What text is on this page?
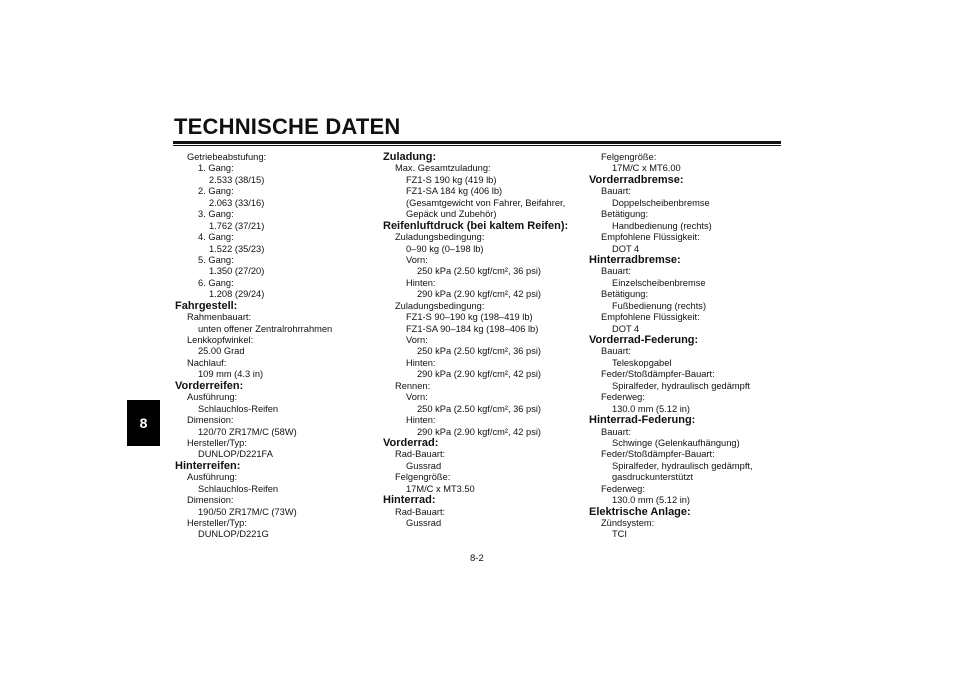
TECHNISCHE DATEN
8
Getriebeabstufung:
1. Gang:
2.533 (38/15)
2. Gang:
2.063 (33/16)
3. Gang:
1.762 (37/21)
4. Gang:
1.522 (35/23)
5. Gang:
1.350 (27/20)
6. Gang:
1.208 (29/24)
Fahrgestell:
Rahmenbauart:
unten offener Zentralrohrrahmen
Lenkkopfwinkel:
25.00 Grad
Nachlauf:
109 mm (4.3 in)
Vorderreifen:
Ausführung:
Schlauchlos-Reifen
Dimension:
120/70 ZR17M/C (58W)
Hersteller/Typ:
DUNLOP/D221FA
Hinterreifen:
Ausführung:
Schlauchlos-Reifen
Dimension:
190/50 ZR17M/C (73W)
Hersteller/Typ:
DUNLOP/D221G
Zuladung:
Max. Gesamtzuladung:
FZ1-S 190 kg (419 lb)
FZ1-SA 184 kg (406 lb)
(Gesamtgewicht von Fahrer, Beifahrer,
Gepäck und Zubehör)
Reifenluftdruck (bei kaltem Reifen):
Zuladungsbedingung:
0–90 kg (0–198 lb)
Vorn:
250 kPa (2.50 kgf/cm², 36 psi)
Hinten:
290 kPa (2.90 kgf/cm², 42 psi)
Zuladungsbedingung:
FZ1-S 90–190 kg (198–419 lb)
FZ1-SA 90–184 kg (198–406 lb)
Vorn:
250 kPa (2.50 kgf/cm², 36 psi)
Hinten:
290 kPa (2.90 kgf/cm², 42 psi)
Rennen:
Vorn:
250 kPa (2.50 kgf/cm², 36 psi)
Hinten:
290 kPa (2.90 kgf/cm², 42 psi)
Vorderrad:
Rad-Bauart:
Gussrad
Felgengröße:
17M/C x MT3.50
Hinterrad:
Rad-Bauart:
Gussrad
Felgengröße:
17M/C x MT6.00
Vorderradbremse:
Bauart:
Doppelscheibenbremse
Betätigung:
Handbedienung (rechts)
Empfohlene Flüssigkeit:
DOT 4
Hinterradbremse:
Bauart:
Einzelscheibenbremse
Betätigung:
Fußbedienung (rechts)
Empfohlene Flüssigkeit:
DOT 4
Vorderrad-Federung:
Bauart:
Teleskopgabel
Feder/Stoßdämpfer-Bauart:
Spiralfeder, hydraulisch gedämpft
Federweg:
130.0 mm (5.12 in)
Hinterrad-Federung:
Bauart:
Schwinge (Gelenkaufhängung)
Feder/Stoßdämpfer-Bauart:
Spiralfeder, hydraulisch gedämpft,
gasdruckunterstützt
Federweg:
130.0 mm (5.12 in)
Elektrische Anlage:
Zündsystem:
TCI
8-2
